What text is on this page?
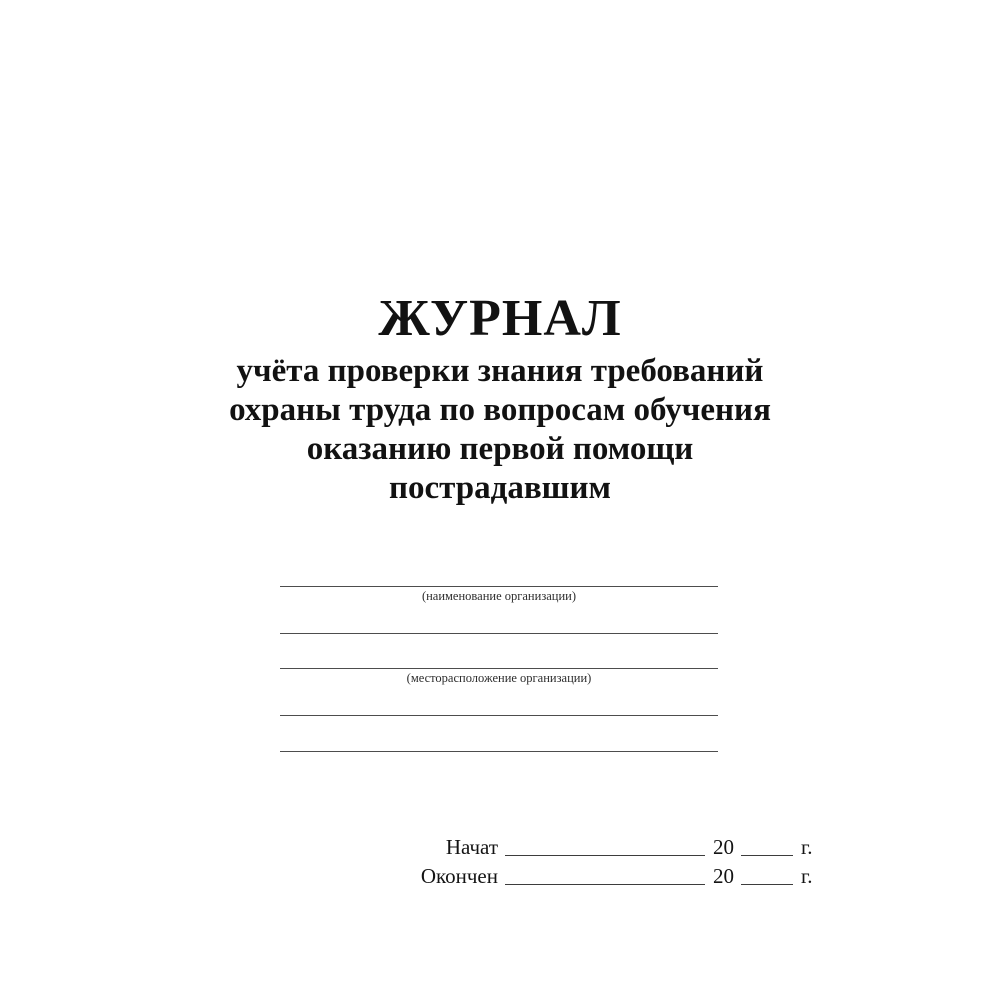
ЖУРНАЛ
учёта проверки знания требований
охраны труда по вопросам обучения
оказанию первой помощи
пострадавшим
(наименование организации)
(месторасположение организации)
Начат	20	г.
Окончен	20	г.
